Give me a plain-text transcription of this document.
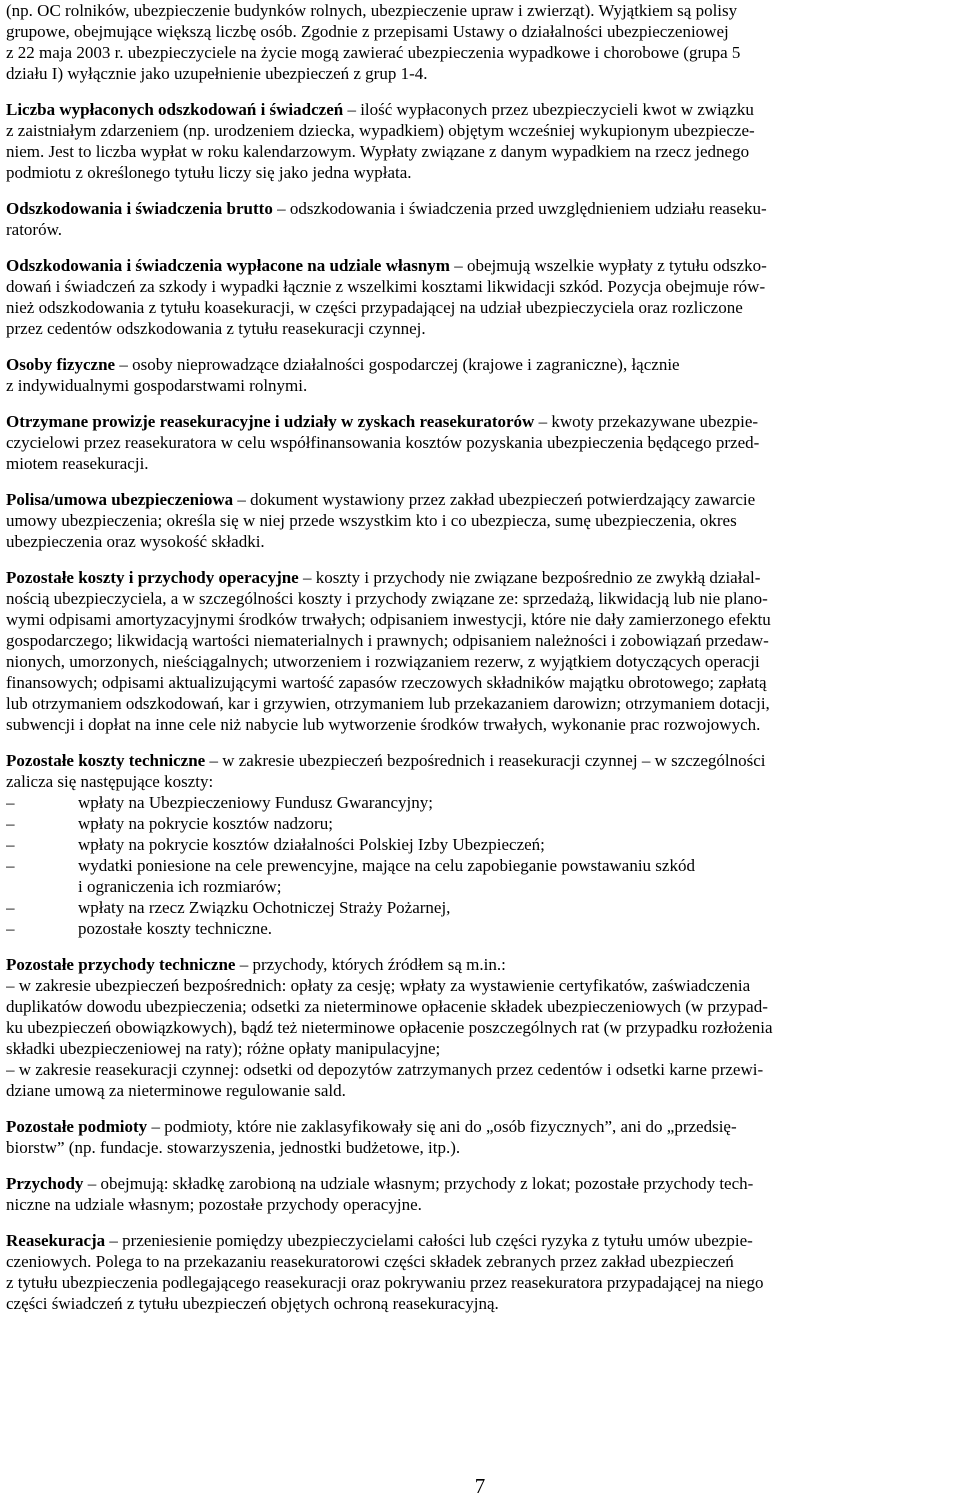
(np. OC rolników, ubezpieczenie budynków rolnych, ubezpieczenie upraw i zwierząt). Wyjątkiem są polisy
grupowe, obejmujące większą liczbę osób. Zgodnie z przepisami Ustawy o działalności ubezpieczeniowej
z 22 maja 2003 r. ubezpieczyciele na życie mogą zawierać ubezpieczenia wypadkowe i chorobowe (grupa 5
działu I) wyłącznie jako uzupełnienie ubezpieczeń z grup 1-4.
Liczba wypłaconych odszkodowań i świadczeń – ilość wypłaconych przez ubezpieczycieli kwot w związku
z zaistniałym zdarzeniem (np. urodzeniem dziecka, wypadkiem) objętym wcześniej wykupionym ubezpiecze-
niem. Jest to liczba wypłat w roku kalendarzowym. Wypłaty związane z danym wypadkiem na rzecz jednego
podmiotu z określonego tytułu liczy się jako jedna wypłata.
Odszkodowania i świadczenia brutto – odszkodowania i świadczenia przed uwzględnieniem udziału reaseku-
ratorów.
Odszkodowania i świadczenia wypłacone na udziale własnym – obejmują wszelkie wypłaty z tytułu odszko-
dowań i świadczeń za szkody i wypadki łącznie z wszelkimi kosztami likwidacji szkód. Pozycja obejmuje rów-
nież odszkodowania z tytułu koasekuracji, w części przypadającej na udział ubezpieczyciela oraz rozliczone
przez cedentów odszkodowania z tytułu reasekuracji czynnej.
Osoby fizyczne – osoby nieprowadzące działalności gospodarczej (krajowe i zagraniczne), łącznie
z indywidualnymi gospodarstwami rolnymi.
Otrzymane prowizje reasekuracyjne i udziały w zyskach reasekuratorów – kwoty przekazywane ubezpie-
czycielowi przez reasekuratora w celu współfinansowania kosztów pozyskania ubezpieczenia będącego przed-
miotem reasekuracji.
Polisa/umowa ubezpieczeniowa – dokument wystawiony przez zakład ubezpieczeń potwierdzający zawarcie
umowy ubezpieczenia; określa się w niej przede wszystkim kto i co ubezpiecza, sumę ubezpieczenia, okres
ubezpieczenia oraz wysokość składki.
Pozostałe koszty i przychody operacyjne – koszty i przychody nie związane bezpośrednio ze zwykłą działal-
nością ubezpieczyciela, a w szczególności koszty i przychody związane ze: sprzedażą, likwidacją lub nie plano-
wymi odpisami amortyzacyjnymi środków trwałych; odpisaniem inwestycji, które nie dały zamierzonego efektu
gospodarczego; likwidacją wartości niematerialnych i prawnych; odpisaniem należności i zobowiązań przedaw-
nionych, umorzonych, nieściągalnych; utworzeniem i rozwiązaniem rezerw, z wyjątkiem dotyczących operacji
finansowych; odpisami aktualizującymi wartość zapasów rzeczowych składników majątku obrotowego; zapłatą
lub otrzymaniem odszkodowań, kar i grzywien, otrzymaniem lub przekazaniem darowizn; otrzymaniem dotacji,
subwencji i dopłat na inne cele niż nabycie lub wytworzenie środków trwałych, wykonanie prac rozwojowych.
Pozostałe koszty techniczne – w zakresie ubezpieczeń bezpośrednich i reasekuracji czynnej – w szczególności
zalicza się następujące koszty:
–	wpłaty na Ubezpieczeniowy Fundusz Gwarancyjny;
–	wpłaty na pokrycie kosztów nadzoru;
–	wpłaty na pokrycie kosztów działalności Polskiej Izby Ubezpieczeń;
–	wydatki poniesione na cele prewencyjne, mające na celu zapobieganie powstawaniu szkód
i ograniczenia ich rozmiarów;
–	wpłaty na rzecz Związku Ochotniczej Straży Pożarnej,
–	pozostałe koszty techniczne.
Pozostałe przychody techniczne – przychody, których źródłem są m.in.:
– w zakresie ubezpieczeń bezpośrednich: opłaty za cesję; wpłaty za wystawienie certyfikatów, zaświadczenia
duplikatów dowodu ubezpieczenia; odsetki za nieterminowe opłacenie składek ubezpieczeniowych (w przypad-
ku ubezpieczeń obowiązkowych), bądź też nieterminowe opłacenie poszczególnych rat (w przypadku rozłożenia
składki ubezpieczeniowej na raty); różne opłaty manipulacyjne;
– w zakresie reasekuracji czynnej: odsetki od depozytów zatrzymanych przez cedentów i odsetki karne przewi-
dziane umową za nieterminowe regulowanie sald.
Pozostałe podmioty – podmioty, które nie zaklasyfikowały się ani do „osób fizycznych”, ani do „przedsię-
biorstw” (np. fundacje. stowarzyszenia, jednostki budżetowe, itp.).
Przychody – obejmują: składkę zarobioną na udziale własnym; przychody z lokat; pozostałe przychody tech-
niczne na udziale własnym; pozostałe przychody operacyjne.
Reasekuracja – przeniesienie pomiędzy ubezpieczycielami całości lub części ryzyka z tytułu umów ubezpie-
czeniowych. Polega to na przekazaniu reasekuratorowi części składek zebranych przez zakład ubezpieczeń
z tytułu ubezpieczenia podlegającego reasekuracji oraz pokrywaniu przez reasekuratora przypadającej na niego
części świadczeń z tytułu ubezpieczeń objętych ochroną reasekuracyjną.
7
